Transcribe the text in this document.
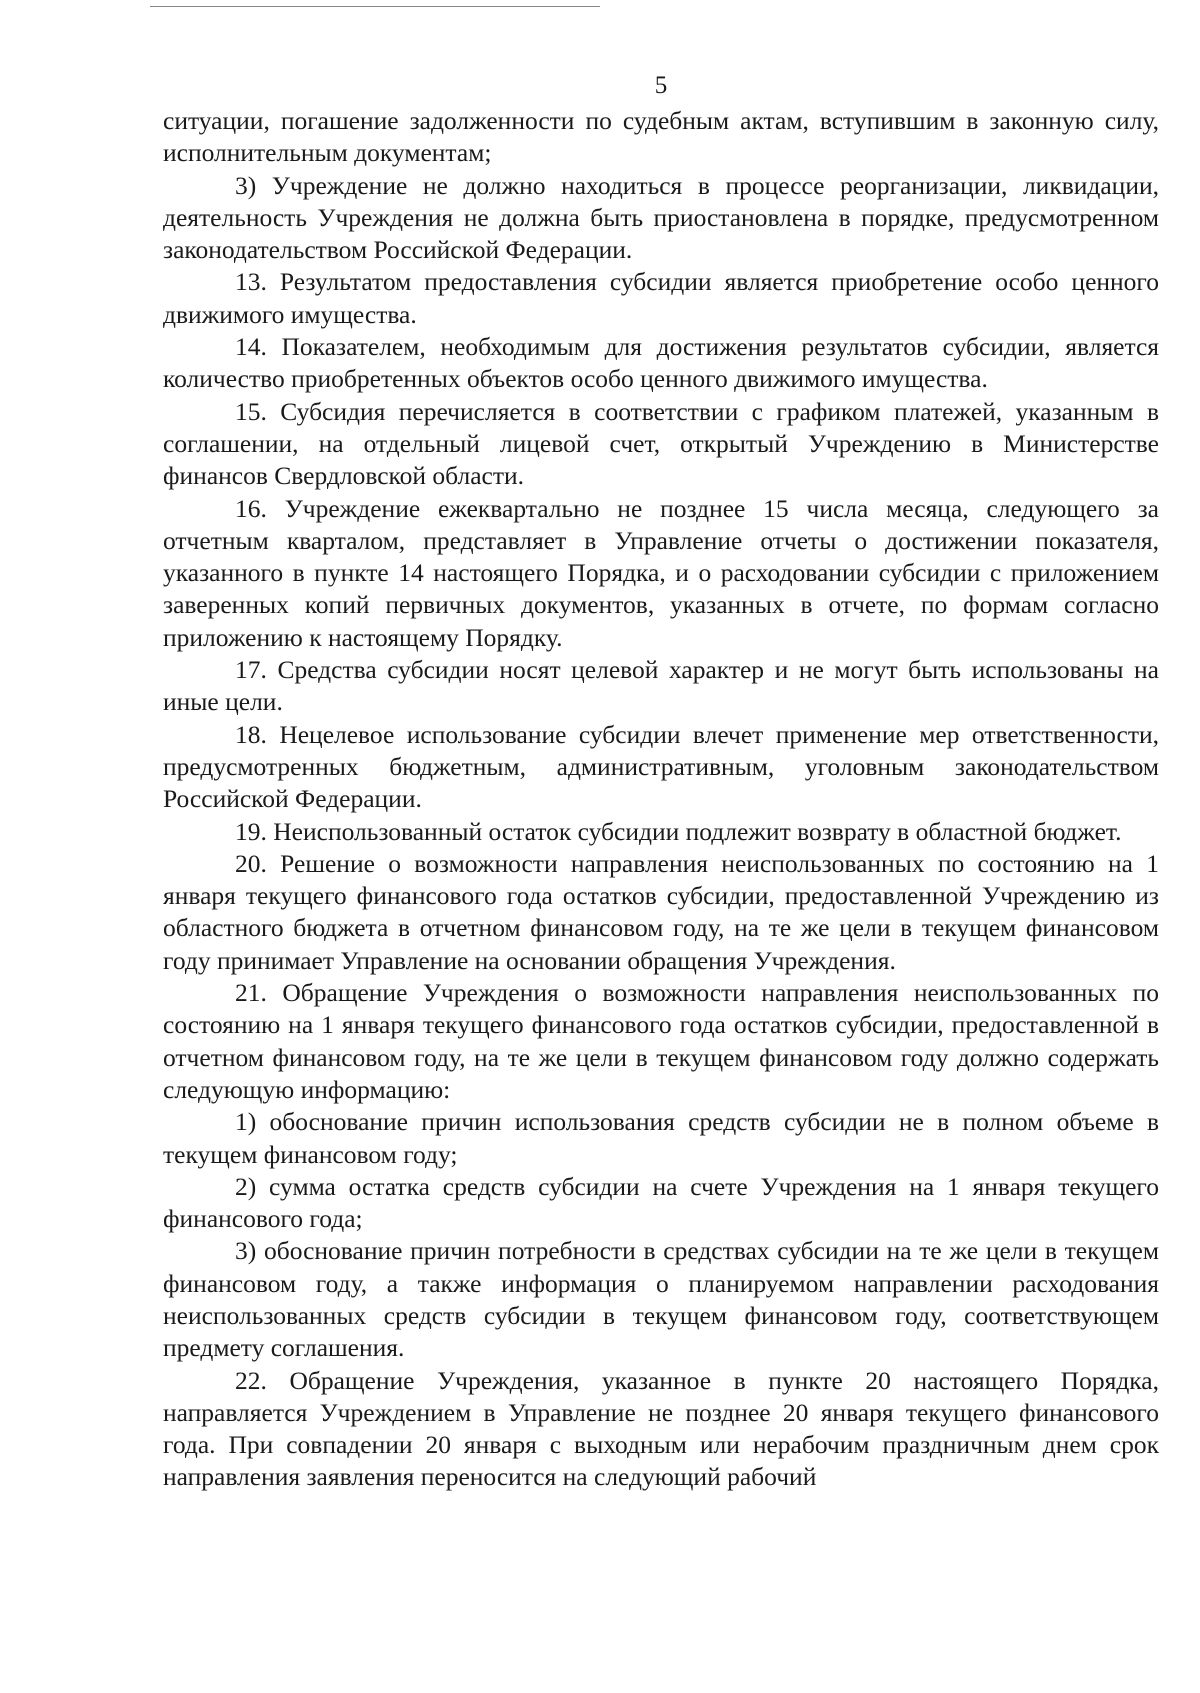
5

ситуации, погашение задолженности по судебным актам, вступившим в законную силу, исполнительным документам;

3) Учреждение не должно находиться в процессе реорганизации, ликвидации, деятельность Учреждения не должна быть приостановлена в порядке, предусмотренном законодательством Российской Федерации.

13. Результатом предоставления субсидии является приобретение особо ценного движимого имущества.

14. Показателем, необходимым для достижения результатов субсидии, является количество приобретенных объектов особо ценного движимого имущества.

15. Субсидия перечисляется в соответствии с графиком платежей, указанным в соглашении, на отдельный лицевой счет, открытый Учреждению в Министерстве финансов Свердловской области.

16. Учреждение ежеквартально не позднее 15 числа месяца, следующего за отчетным кварталом, представляет в Управление отчеты о достижении показателя, указанного в пункте 14 настоящего Порядка, и о расходовании субсидии с приложением заверенных копий первичных документов, указанных в отчете, по формам согласно приложению к настоящему Порядку.

17. Средства субсидии носят целевой характер и не могут быть использованы на иные цели.

18. Нецелевое использование субсидии влечет применение мер ответственности, предусмотренных бюджетным, административным, уголовным законодательством Российской Федерации.

19. Неиспользованный остаток субсидии подлежит возврату в областной бюджет.

20. Решение о возможности направления неиспользованных по состоянию на 1 января текущего финансового года остатков субсидии, предоставленной Учреждению из областного бюджета в отчетном финансовом году, на те же цели в текущем финансовом году принимает Управление на основании обращения Учреждения.

21. Обращение Учреждения о возможности направления неиспользованных по состоянию на 1 января текущего финансового года остатков субсидии, предоставленной в отчетном финансовом году, на те же цели в текущем финансовом году должно содержать следующую информацию:

1) обоснование причин использования средств субсидии не в полном объеме в текущем финансовом году;

2) сумма остатка средств субсидии на счете Учреждения на 1 января текущего финансового года;

3) обоснование причин потребности в средствах субсидии на те же цели в текущем финансовом году, а также информация о планируемом направлении расходования неиспользованных средств субсидии в текущем финансовом году, соответствующем предмету соглашения.

22. Обращение Учреждения, указанное в пункте 20 настоящего Порядка, направляется Учреждением в Управление не позднее 20 января текущего финансового года. При совпадении 20 января с выходным или нерабочим праздничным днем срок направления заявления переносится на следующий рабочий
